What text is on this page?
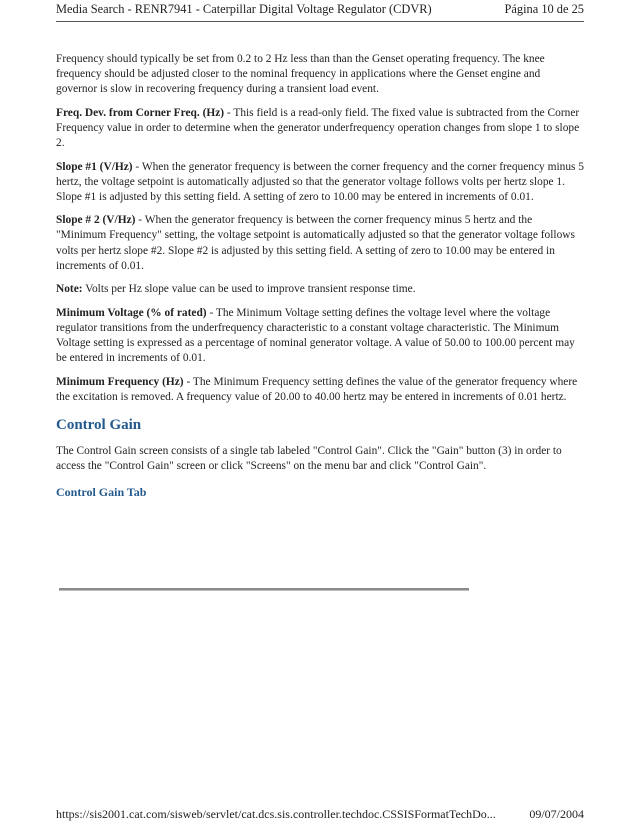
Media Search - RENR7941 - Caterpillar Digital Voltage Regulator (CDVR)	Página 10 de 25

Frequency should typically be set from 0.2 to 2 Hz less than than the Genset operating frequency. The knee frequency should be adjusted closer to the nominal frequency in applications where the Genset engine and governor is slow in recovering frequency during a transient load event.

Freq. Dev. from Corner Freq. (Hz) - This field is a read-only field. The fixed value is subtracted from the Corner Frequency value in order to determine when the generator underfrequency operation changes from slope 1 to slope 2.

Slope #1 (V/Hz) - When the generator frequency is between the corner frequency and the corner frequency minus 5 hertz, the voltage setpoint is automatically adjusted so that the generator voltage follows volts per hertz slope 1. Slope #1 is adjusted by this setting field. A setting of zero to 10.00 may be entered in increments of 0.01.

Slope # 2 (V/Hz) - When the generator frequency is between the corner frequency minus 5 hertz and the "Minimum Frequency" setting, the voltage setpoint is automatically adjusted so that the generator voltage follows volts per hertz slope #2. Slope #2 is adjusted by this setting field. A setting of zero to 10.00 may be entered in increments of 0.01.

Note: Volts per Hz slope value can be used to improve transient response time.

Minimum Voltage (% of rated) - The Minimum Voltage setting defines the voltage level where the voltage regulator transitions from the underfrequency characteristic to a constant voltage characteristic. The Minimum Voltage setting is expressed as a percentage of nominal generator voltage. A value of 50.00 to 100.00 percent may be entered in increments of 0.01.

Minimum Frequency (Hz) - The Minimum Frequency setting defines the value of the generator frequency where the excitation is removed. A frequency value of 20.00 to 40.00 hertz may be entered in increments of 0.01 hertz.

Control Gain

The Control Gain screen consists of a single tab labeled "Control Gain". Click the "Gain" button (3) in order to access the "Control Gain" screen or click "Screens" on the menu bar and click "Control Gain".

Control Gain Tab
https://sis2001.cat.com/sisweb/servlet/cat.dcs.sis.controller.techdoc.CSSISFormatTechDo...	09/07/2004
